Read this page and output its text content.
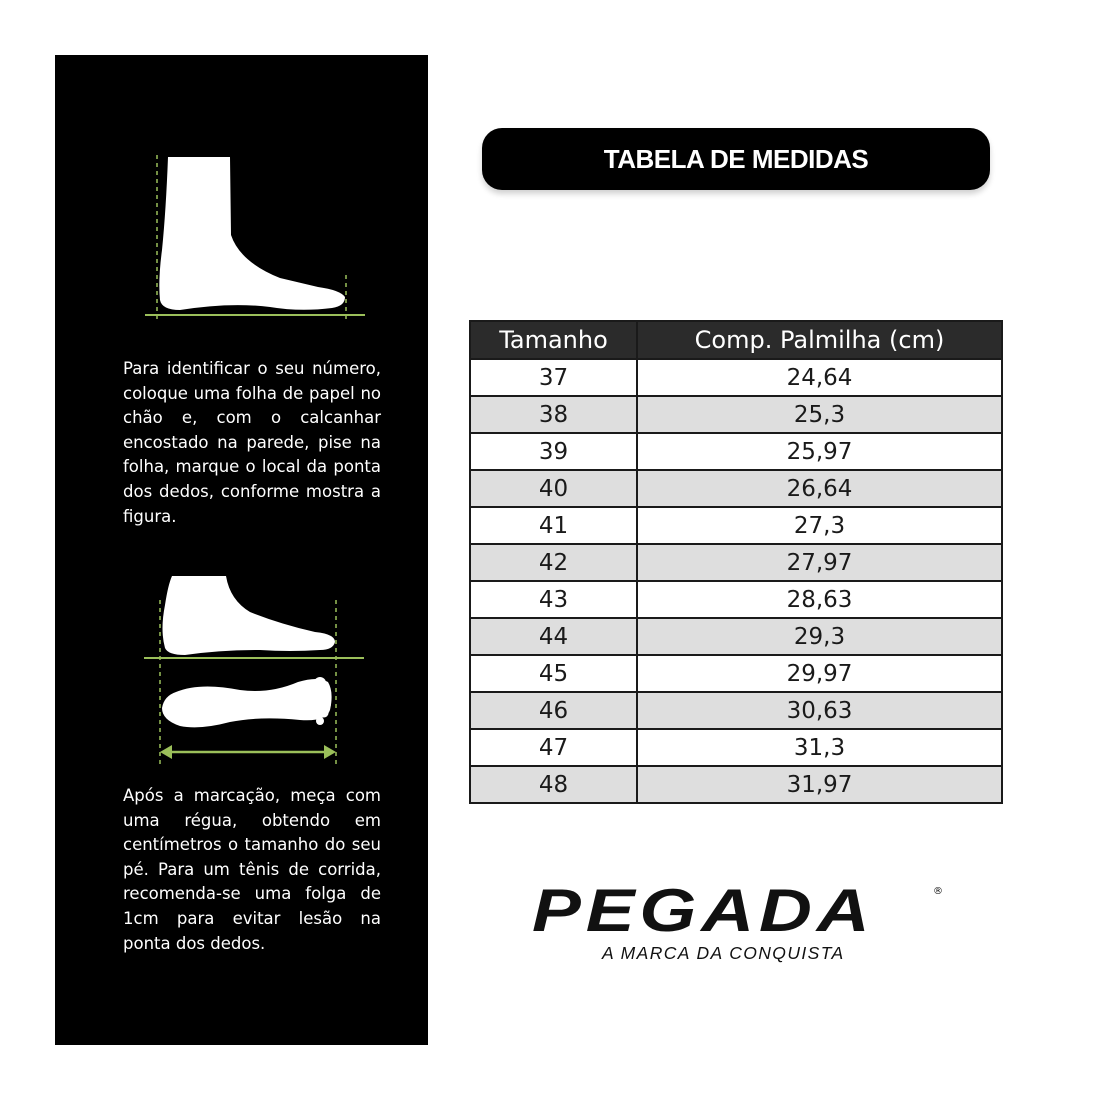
Para identificar o seu número, coloque uma folha de papel no chão e, com o calcanhar encostado na parede, pise na folha, marque o local da ponta dos dedos, conforme mostra a figura.

Após a marcação, meça com uma régua, obtendo em centímetros o tamanho do seu pé. Para um tênis de corrida, recomenda-se uma folga de 1cm para evitar lesão na ponta dos dedos.

TABELA DE MEDIDAS
Tamanho	Comp. Palmilha (cm)
37	24,64
38	25,3
39	25,97
40	26,64
41	27,3
42	27,97
43	28,63
44	29,3
45	29,97
46	30,63
47	31,3
48	31,97
PEGADA	®
A MARCA DA CONQUISTA
